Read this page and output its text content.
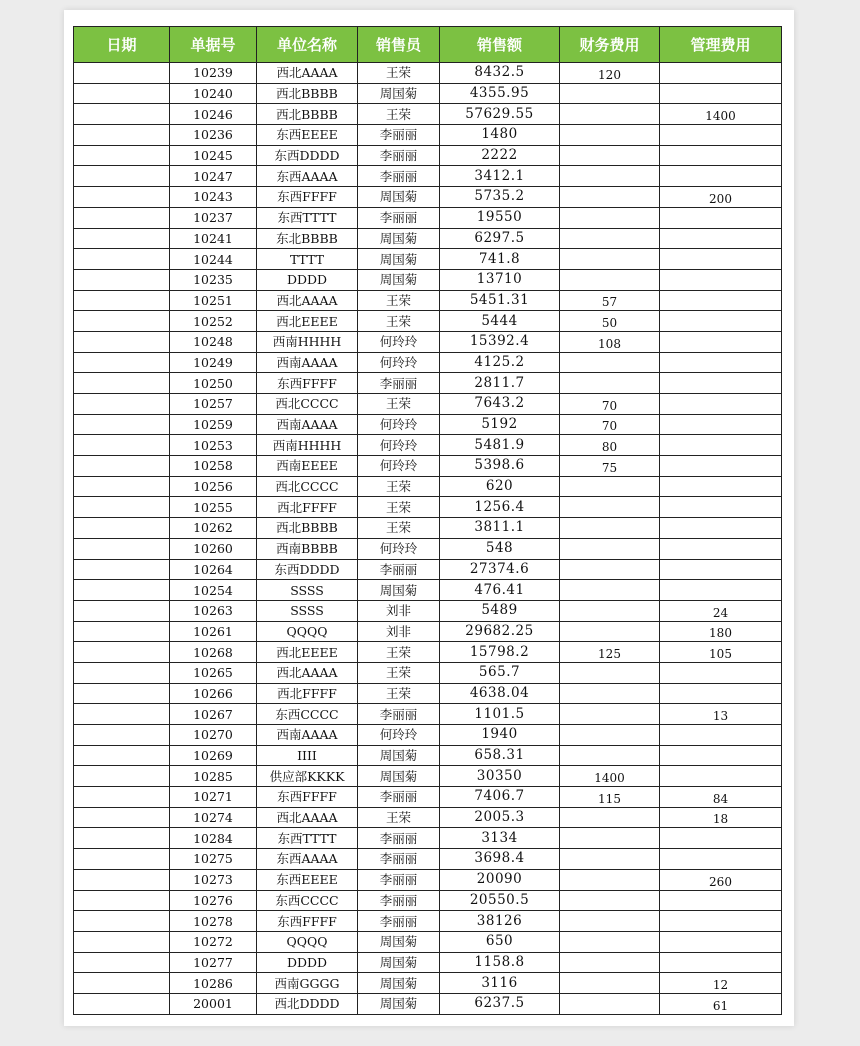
日期	单据号	单位名称	销售员	销售额	财务费用	管理费用
	10239	西北AAAA	王荣	8432.5	120	
	10240	西北BBBB	周国菊	4355.95		
	10246	西北BBBB	王荣	57629.55		1400
	10236	东西EEEE	李丽丽	1480		
	10245	东西DDDD	李丽丽	2222		
	10247	东西AAAA	李丽丽	3412.1		
	10243	东西FFFF	周国菊	5735.2		200
	10237	东西TTTT	李丽丽	19550		
	10241	东北BBBB	周国菊	6297.5		
	10244	TTTT	周国菊	741.8		
	10235	DDDD	周国菊	13710		
	10251	西北AAAA	王荣	5451.31	57	
	10252	西北EEEE	王荣	5444	50	
	10248	西南HHHH	何玲玲	15392.4	108	
	10249	西南AAAA	何玲玲	4125.2		
	10250	东西FFFF	李丽丽	2811.7		
	10257	西北CCCC	王荣	7643.2	70	
	10259	西南AAAA	何玲玲	5192	70	
	10253	西南HHHH	何玲玲	5481.9	80	
	10258	西南EEEE	何玲玲	5398.6	75	
	10256	西北CCCC	王荣	620		
	10255	西北FFFF	王荣	1256.4		
	10262	西北BBBB	王荣	3811.1		
	10260	西南BBBB	何玲玲	548		
	10264	东西DDDD	李丽丽	27374.6		
	10254	SSSS	周国菊	476.41		
	10263	SSSS	刘非	5489		24
	10261	QQQQ	刘非	29682.25		180
	10268	西北EEEE	王荣	15798.2	125	105
	10265	西北AAAA	王荣	565.7		
	10266	西北FFFF	王荣	4638.04		
	10267	东西CCCC	李丽丽	1101.5		13
	10270	西南AAAA	何玲玲	1940		
	10269	IIII	周国菊	658.31		
	10285	供应部KKKK	周国菊	30350	1400	
	10271	东西FFFF	李丽丽	7406.7	115	84
	10274	西北AAAA	王荣	2005.3		18
	10284	东西TTTT	李丽丽	3134		
	10275	东西AAAA	李丽丽	3698.4		
	10273	东西EEEE	李丽丽	20090		260
	10276	东西CCCC	李丽丽	20550.5		
	10278	东西FFFF	李丽丽	38126		
	10272	QQQQ	周国菊	650		
	10277	DDDD	周国菊	1158.8		
	10286	西南GGGG	周国菊	3116		12
	20001	西北DDDD	周国菊	6237.5		61
